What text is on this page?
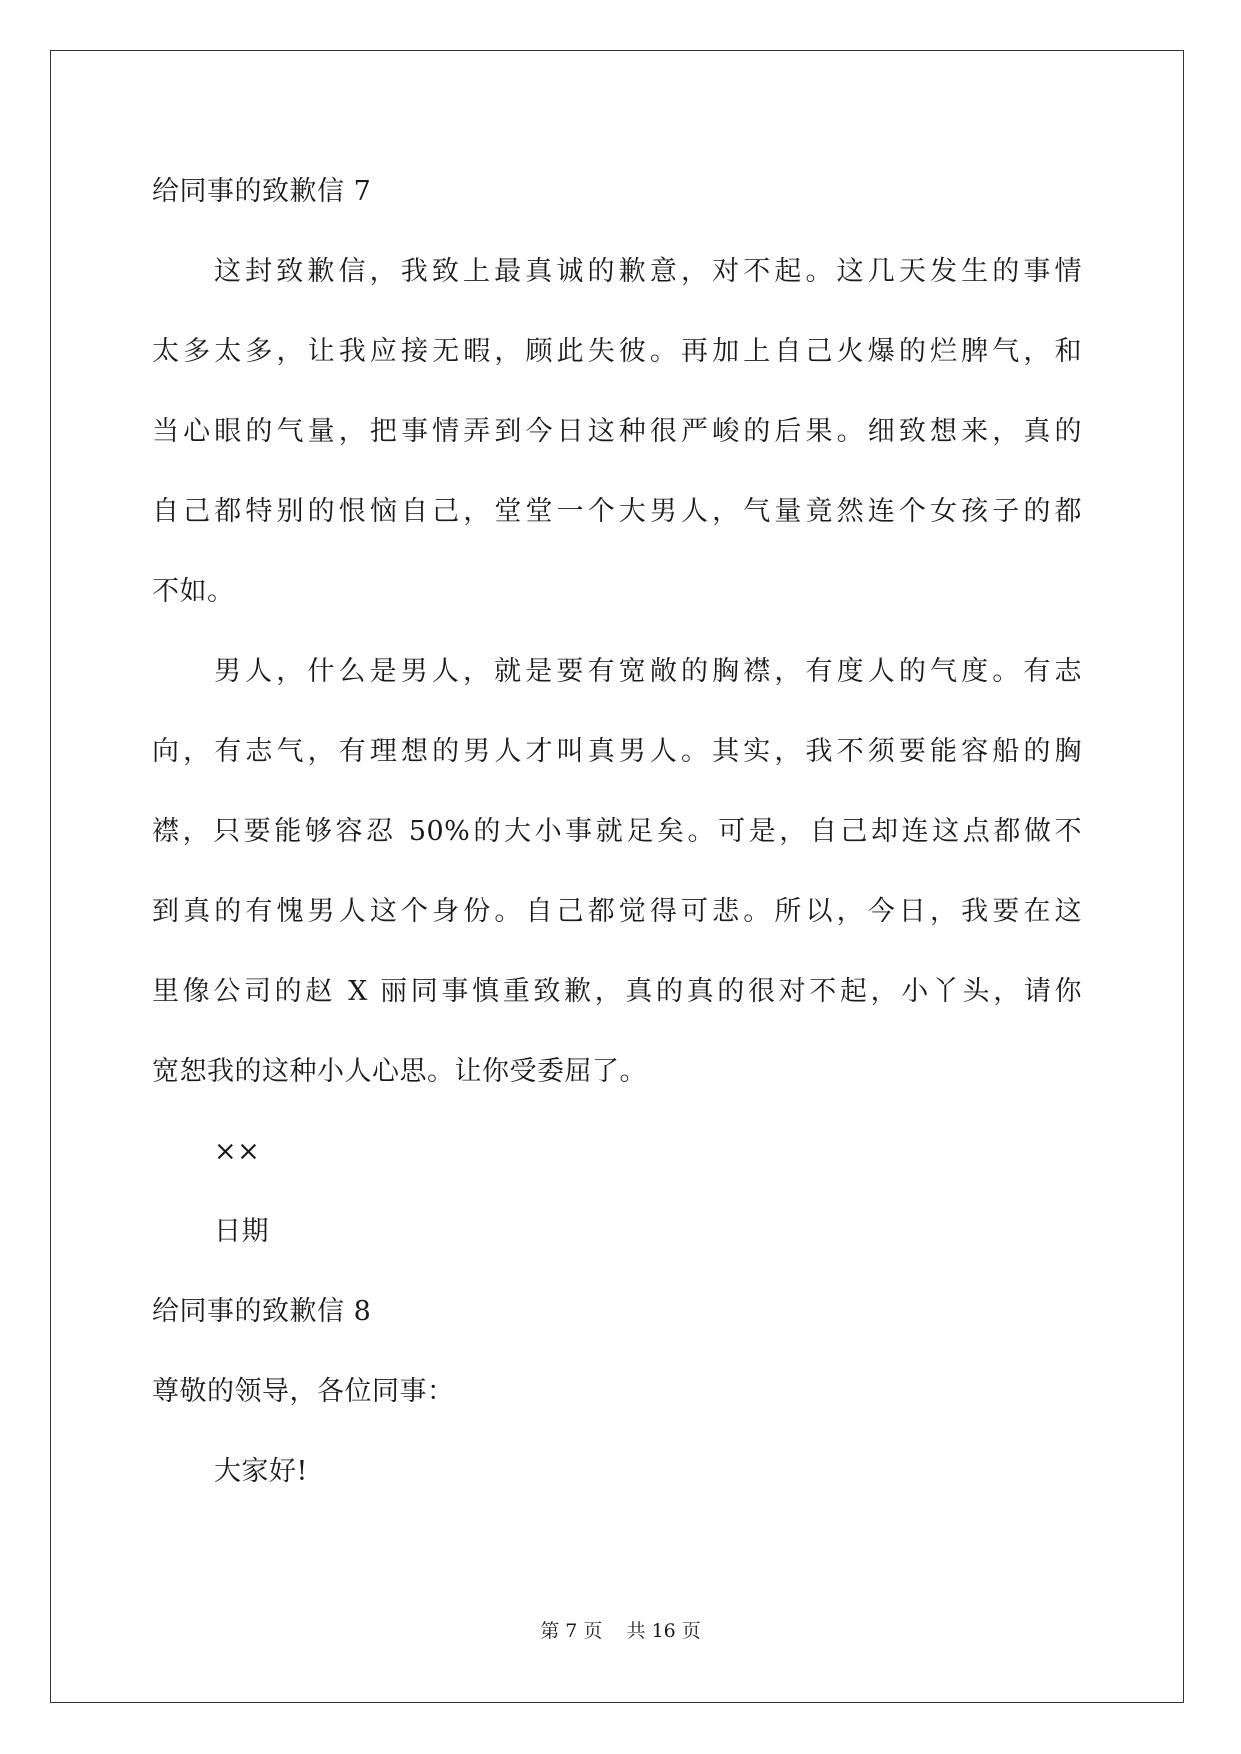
给同事的致歉信 7

这封致歉信，我致上最真诚的歉意，对不起。这几天发生的事情

太多太多，让我应接无暇，顾此失彼。再加上自己火爆的烂脾气，和

当心眼的气量，把事情弄到今日这种很严峻的后果。细致想来，真的

自己都特别的恨恼自己，堂堂一个大男人，气量竟然连个女孩子的都

不如。

男人，什么是男人，就是要有宽敞的胸襟，有度人的气度。有志

向，有志气，有理想的男人才叫真男人。其实，我不须要能容船的胸

襟，只要能够容忍 50%的大小事就足矣。可是，自己却连这点都做不

到真的有愧男人这个身份。自己都觉得可悲。所以，今日，我要在这

里像公司的赵 X 丽同事慎重致歉，真的真的很对不起，小丫头，请你

宽恕我的这种小人心思。让你受委屈了。

××

日期

给同事的致歉信 8

尊敬的领导，各位同事：

大家好!

第 7 页    共 16 页
